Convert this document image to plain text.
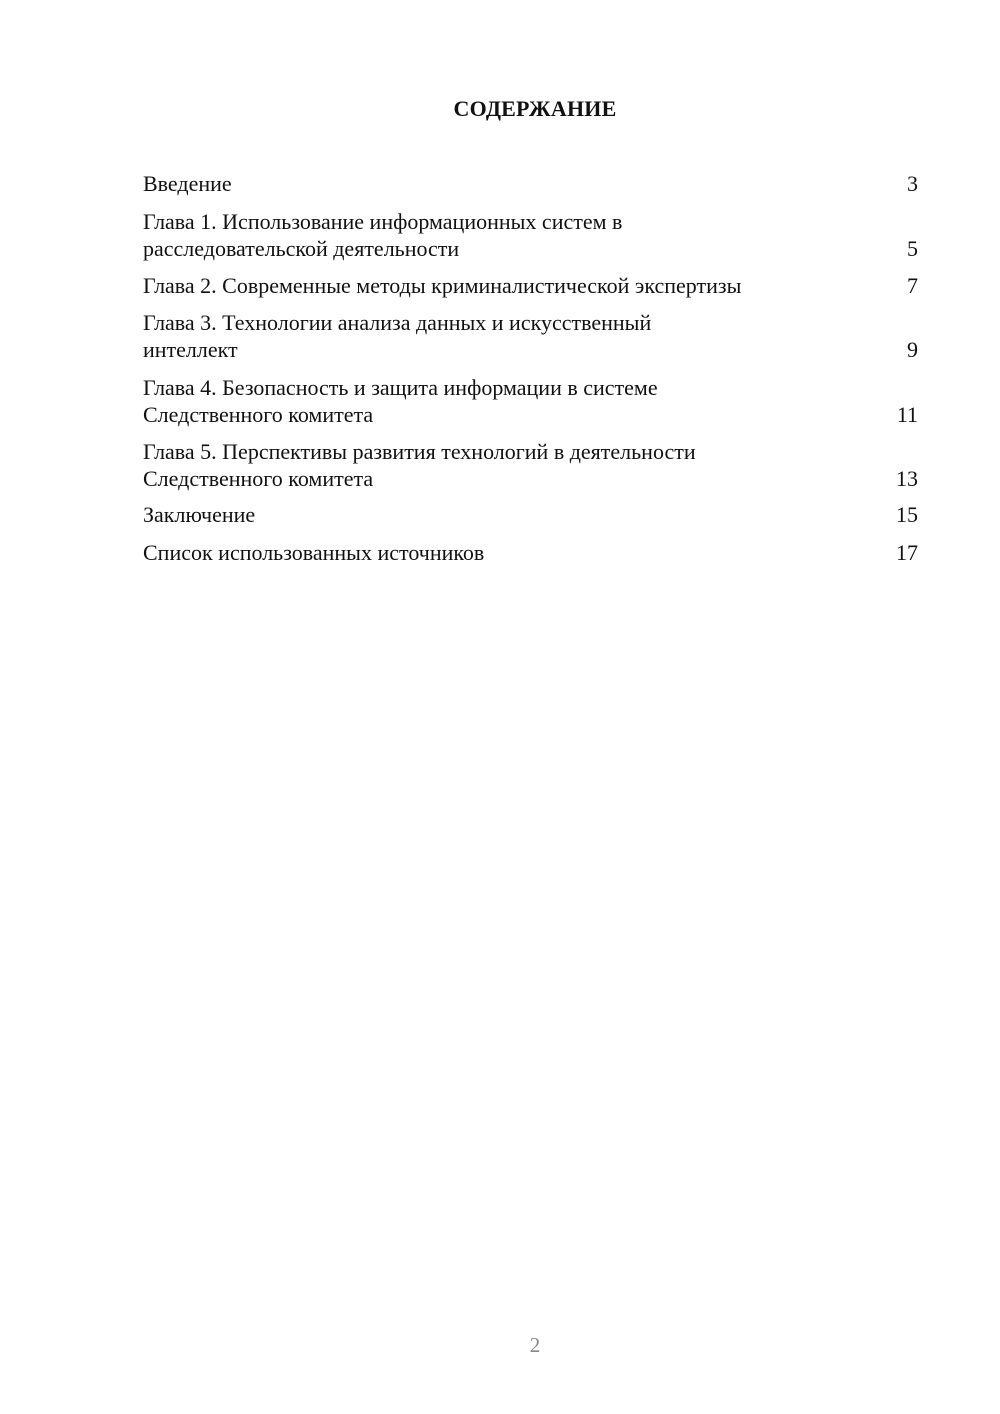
СОДЕРЖАНИЕ
Введение	3
Глава 1. Использование информационных систем в
расследовательской деятельности	5
Глава 2. Современные методы криминалистической экспертизы	7
Глава 3. Технологии анализа данных и искусственный
интеллект	9
Глава 4. Безопасность и защита информации в системе
Следственного комитета	11
Глава 5. Перспективы развития технологий в деятельности
Следственного комитета	13
Заключение	15
Список использованных источников	17
2
